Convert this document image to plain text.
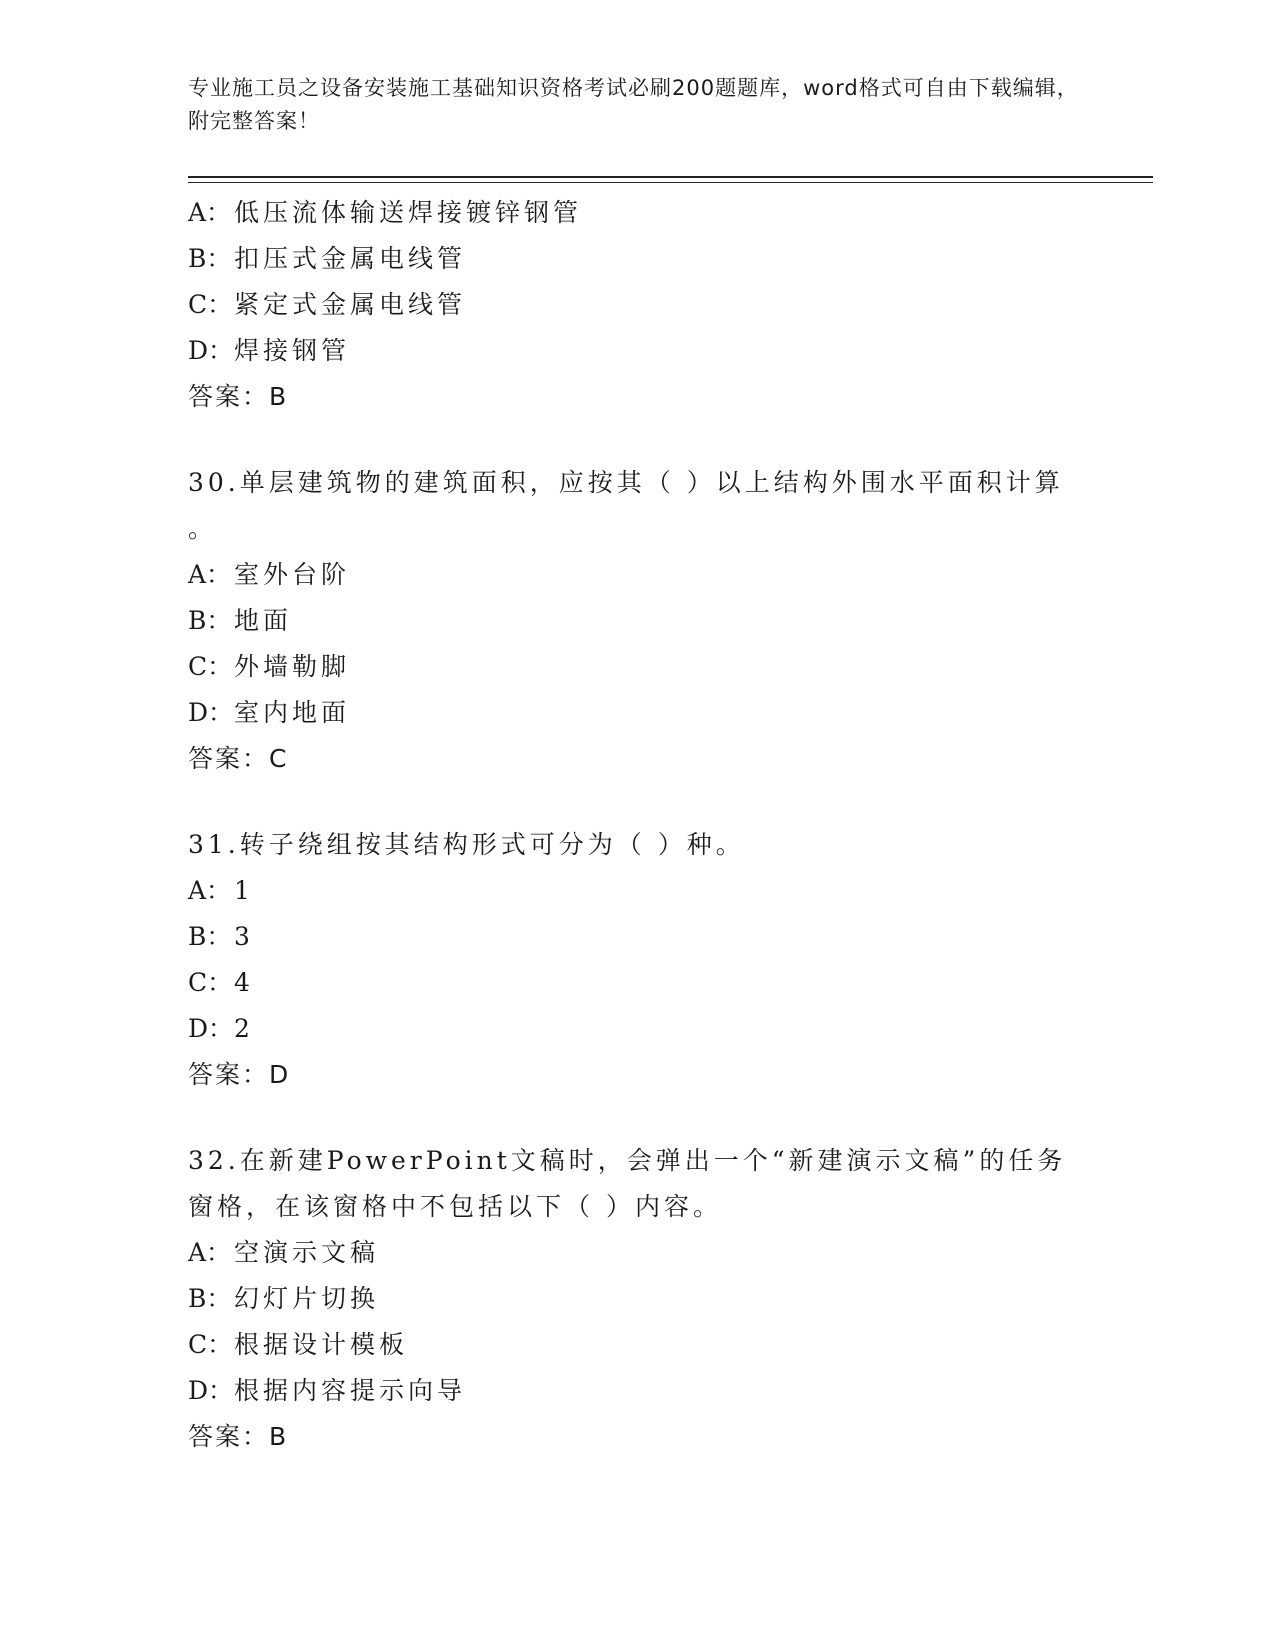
专业施工员之设备安装施工基础知识资格考试必刷200题题库，word格式可自由下载编辑，附完整答案！
A： 低压流体输送焊接镀锌钢管
B： 扣压式金属电线管
C：紧定式金属电线管
D：焊接钢管
答案：B
30.单层建筑物的建筑面积，应按其（ ）以上结构外围水平面积计算
。
A： 室外台阶
B： 地面
C：外墙勒脚
D：室内地面
答案：C
31.转子绕组按其结构形式可分为（ ）种。
A： 1
B： 3
C：4
D：2
答案：D
32.在新建PowerPoint文稿时，会弹出一个“新建演示文稿”的任务
窗格，在该窗格中不包括以下（ ）内容。
A： 空演示文稿
B： 幻灯片切换
C：根据设计模板
D：根据内容提示向导
答案：B
